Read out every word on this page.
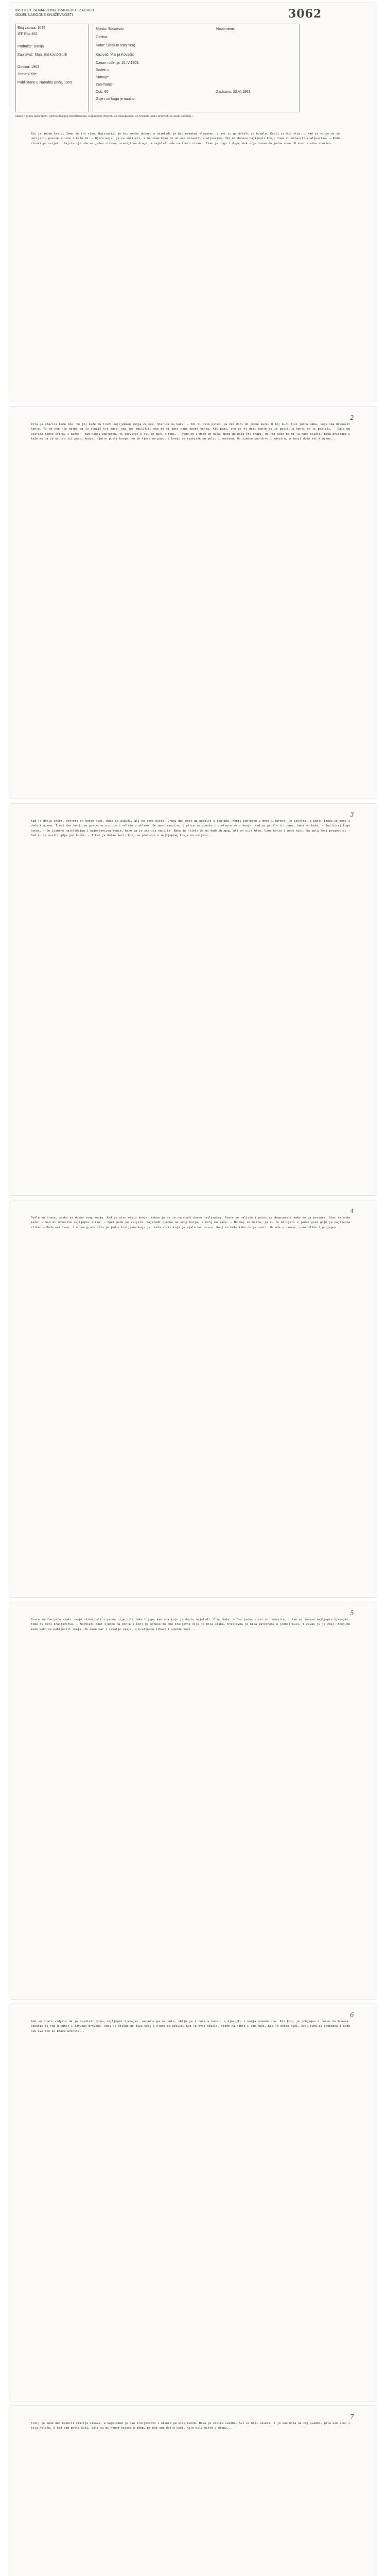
INSTITUT ZA NARODNU TRADICIJU - ZAGREB
ODJEL NARODNE KNJIŽEVNOSTI	3062
Broj zapisa: 1095
IEF Rkp 462
Područje: Banija
Zapisivač: Maja Bošković-Stulli
Godina: 1963
Tema: Priče
Publicirano u Narodne priče, 1959
Mjesto: Borojevići
Općina:
Kotar: Sisak (Kostajnica)
Kazivač: Marija Kovačić
Datum rođenja: 15.IV.1903.
Rođen u:
Stanuje:
Zanimanje:
Dob: 60
Gdje i od koga je naučio:
Zapisano: 22.VI.1963.
Napomene:
Nalaz o pravu autorskom, načinu daljnjeg iskorištavanja, suglasnost, dozvolu za objavljivanje, za hrvatski jezik i prijevod, za svaki podatak...
Bio je jedan kralj. Imao je tri sina. Najstariji je bio onako dobar, a najmlađi je bio nekakav slabašan, i svi su ga držali za budalu. Kralj je bio star, i kad je vidio da će umrijeti, pozove sinove i kaže im: — Djeco moja, ja ću umrijeti, a ne znam kome ću od vas ostaviti kraljevstvo. Tko mi donese najljepši konj, tome ću ostaviti kraljevstvo. — Pođu sinovi po svijetu. Najstariji ode na jednu stranu, srednji na drugu, a najmlađi ode na treću stranu. Išao je dugo i dugo, dok nije došao do jedne šume. U šumi sretne staricu...
2
Pita ga starica kamo ide. On joj kaže da traži najljepšeg konja za oca. Starica mu kaže: — Idi ti ovim putem, pa ćeš doći do jedne kuće. U toj kući živi jedna baba, koja ima dvanaest konja. Ti se kod nje najmi da ju služiš tri dana. Ako joj odslužiš, ona će ti dati koga hoćeš konja. Ali pazi, ona će ti dati konje da ih pasiš, a konji će ti pobjeći. — Dala mu starica jednu svirku i kaže: — Kad konji pobjegnu, ti zasviraj i svi će doći k tebi. — Pođe on i dođe do kuće. Baba ga pita što traži. On joj kaže da bi ju rado služio. Baba pristane i kaže mu da će ujutro ići pasti konje. Ujutro pusti konje, on ih tjera na pašu, a konji se razbježe po polju i nestanu. On sjedne pod drvo i zasvira, a konji dođu svi k njemu...
3
Kad je došla večer, dotjera on konje kući. Baba se začudi, ali ne reče ništa. Drugi dan opet ga pošalje s konjima. Konji pobjegnu u more i zarone. On zasvira, a konji izađu iz mora i dođu k njemu. Treći dan konji se pretvore u ptice i odlete u oblake. On opet zasvira, i ptice se spuste i pretvore se u konje. Kad su prošla tri dana, baba mu kaže: — Sad biraj koga hoćeš. — On izabere najslabijeg i najmršavijeg konja, kako ga je starica naučila. Baba je htjela da mu dade drugog, ali on nije htio. Uzme konja i pođe kući. Na putu konj progovori: — Sad ću te nositi gdje god hoćeš. — I kad je došao kući, konj se pretvori u najljepšeg konja na svijetu...
4
Došla su braća, svaki je doveo svog konja. Kad je otac vidio konje, rekao je da je najmlađi doveo najljepšeg. Braća se naljute i počnu se dogovarati kako da ga prevare. Otac im onda kaže: — Sad mi donesite najljepšu sliku. — Opet pođu po svijetu. Najmlađi sjedne na svog konja, a konj mu kaže: — Ne boj se ništa, ja ću te odnijeti u jedan grad gdje je najljepša slika. — Dođu oni tamo, i u tom gradu bila je jedna kraljevna koja je imala sliku koja je sjala kao sunce. Konj mu kaže kako će je uzeti. On uđe u dvorac, uzme sliku i pobjegne...
5
Braća su donijela svaki svoju sliku, ali nijedna nije bila tako lijepa kao ona koju je donio najmlađi. Otac kaže: — Još jednu stvar mi donesite, i tko mi donese najljepšu djevojku, tome ću dati kraljevstvo. — Najmlađi opet sjedne na konja i konj ga odnese do one kraljevne čija je bila slika. Kraljevna je bila zatvorena u jednoj kuli, i čuvao ju je zmaj. Konj mu kaže kako će pobijediti zmaja. On uzme mač i zakolje zmaja, a kraljevnu izbavi i odvede kući...
6
Kad su braća vidjela da je najmlađi doveo najljepšu djevojku, napadnu ga na putu, ubiju ga i bace u bunar, a djevojku i konja odvedu ocu. Ali konj je pobjegao i došao do bunara. Spustio je rep u bunar i izvukao mrtvoga. Onda je otišao po živu vodu i njome ga oživio. Kad je ovaj oživio, sjede na konja i ode kući. Kad je došao kući, kraljevna ga prepozna i kaže ocu sve što su braća učinila...
7
Kralj je onda dao kazniti starije sinove, a najmlađem je dao kraljevstvo i oženio ga kraljevnom. Bila je velika svadba. Svi su bili veseli, i ja sam bila na toj svadbi, pila sam vino i jela kolače, a kad sam pošla kući, dali su mi komad kolača u džep, pa kad sam došla kući, nije bilo ništa u džepu...
